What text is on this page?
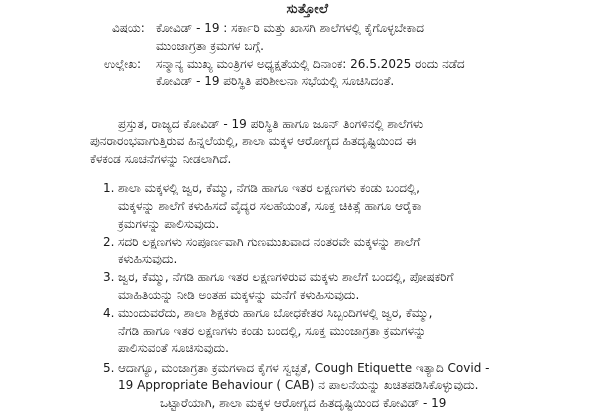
ಸುತ್ತೋಲೆ
ವಿಷಯ: ಕೋವಿಡ್ - 19 : ಸರ್ಕಾರಿ ಮತ್ತು ಖಾಸಗಿ ಶಾಲೆಗಳಲ್ಲಿ ಕೈಗೊಳ್ಳಬೇಕಾದ
ಮುಂಜಾಗ್ರತಾ ಕ್ರಮಗಳ ಬಗ್ಗೆ.
ಉಲ್ಲೇಖ: ಸನ್ಮಾನ್ಯ ಮುಖ್ಯ ಮಂತ್ರಿಗಳ ಅಧ್ಯಕ್ಷತೆಯಲ್ಲಿ ದಿನಾಂಕ: 26.5.2025 ರಂದು ನಡೆದ
ಕೋವಿಡ್ - 19 ಪರಿಸ್ಥಿತಿ ಪರಿಶೀಲನಾ ಸಭೆಯಲ್ಲಿ ಸೂಚಿಸಿದಂತೆ.
ಪ್ರಸ್ತುತ, ರಾಜ್ಯದ ಕೋವಿಡ್ - 19 ಪರಿಸ್ಥಿತಿ ಹಾಗೂ ಜೂನ್ ತಿಂಗಳಿನಲ್ಲಿ ಶಾಲೆಗಳು
ಪುನರಾರಂಭವಾಗುತ್ತಿರುವ ಹಿನ್ನಲೆಯಲ್ಲಿ, ಶಾಲಾ ಮಕ್ಕಳ ಆರೋಗ್ಯದ ಹಿತದೃಷ್ಟಿಯಿಂದ ಈ
ಕೆಳಕಂಡ ಸೂಚನೆಗಳನ್ನು ನೀಡಲಾಗಿದೆ.
1. ಶಾಲಾ ಮಕ್ಕಳಲ್ಲಿ ಜ್ವರ, ಕೆಮ್ಮು, ನೆಗಡಿ ಹಾಗೂ ಇತರ ಲಕ್ಷಣಗಳು ಕಂಡು ಬಂದಲ್ಲಿ,
ಮಕ್ಕಳನ್ನು ಶಾಲೆಗೆ ಕಳುಹಿಸದೆ ವೈದ್ಯರ ಸಲಹೆಯಂತೆ, ಸೂಕ್ತ ಚಿಕಿತ್ಸೆ ಹಾಗೂ ಆರೈಕಾ
ಕ್ರಮಗಳನ್ನು ಪಾಲಿಸುವುದು.
2. ಸದರಿ ಲಕ್ಷಣಗಳು ಸಂಪೂರ್ಣವಾಗಿ ಗುಣಮುಖವಾದ ನಂತರವೇ ಮಕ್ಕಳನ್ನು ಶಾಲೆಗೆ
ಕಳುಹಿಸುವುದು.
3. ಜ್ವರ, ಕೆಮ್ಮು, ನೆಗಡಿ ಹಾಗೂ ಇತರ ಲಕ್ಷಣಗಳಿರುವ ಮಕ್ಕಳು ಶಾಲೆಗೆ ಬಂದಲ್ಲಿ, ಪೋಷಕರಿಗೆ
ಮಾಹಿತಿಯನ್ನು ನೀಡಿ ಅಂತಹ ಮಕ್ಕಳನ್ನು ಮನೆಗೆ ಕಳುಹಿಸುವುದು.
4. ಮುಂದುವರೆದು, ಶಾಲಾ ಶಿಕ್ಷಕರು ಹಾಗೂ ಬೋಧಕೇತರ ಸಿಬ್ಬಂದಿಗಳಲ್ಲಿ ಜ್ವರ, ಕೆಮ್ಮು,
ನೆಗಡಿ ಹಾಗೂ ಇತರ ಲಕ್ಷಣಗಳು ಕಂಡು ಬಂದಲ್ಲಿ, ಸೂಕ್ತ ಮುಂಜಾಗ್ರತಾ ಕ್ರಮಗಳನ್ನು
ಪಾಲಿಸುವಂತೆ ಸೂಚಿಸುವುದು.
5. ಆದಾಗ್ಯೂ, ಮಂಜಾಗ್ರತಾ ಕ್ರಮಗಳಾದ ಕೈಗಳ ಸ್ವಚ್ಛತೆ, Cough Etiquette ಇತ್ಯಾದಿ Covid -
19 Appropriate Behaviour ( CAB) ನ ಪಾಲನೆಯನ್ನು ಖಚಿತಪಡಿಸಿಕೊಳ್ಳುವುದು.
ಒಟ್ಟಾರೆಯಾಗಿ, ಶಾಲಾ ಮಕ್ಕಳ ಆರೋಗ್ಯದ ಹಿತದೃಷ್ಟಿಯಿಂದ ಕೋವಿಡ್ - 19
